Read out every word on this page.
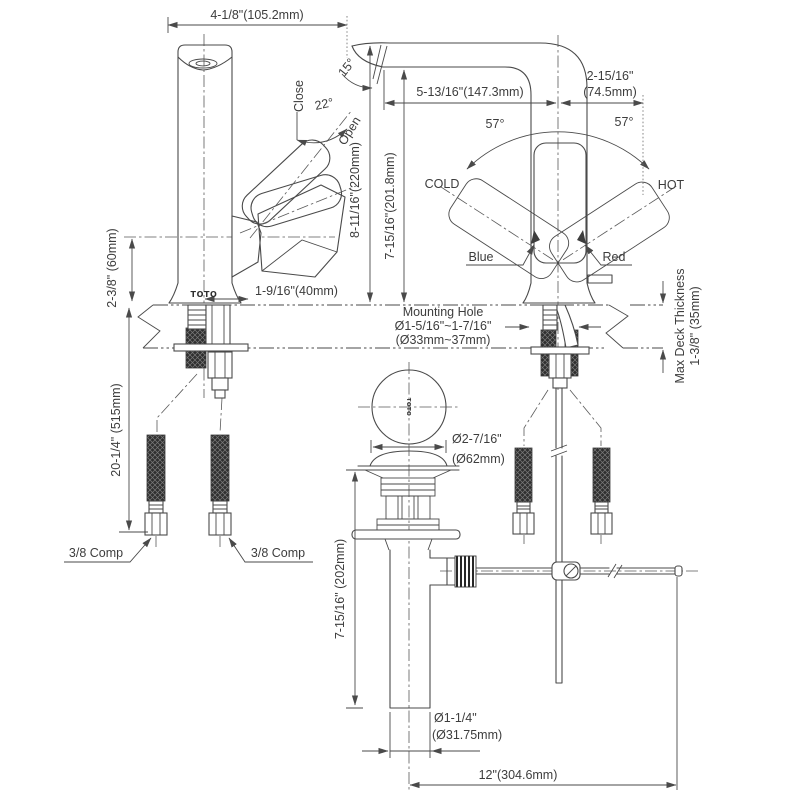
4-1/8"(105.2mm)
Close 22°
Open
15°
5-13/16"(147.3mm)
2-15/16"
(74.5mm)
57°	57°
COLD	HOT
Blue	Red
8-11/16"(220mm) 7-15/16"(201.8mm)
2-3/8" (60mm)	1-9/16"(40mm)
TOTO
Mounting Hole
Ø1-5/16"~1-7/16"
(Ø33mm~37mm)	Max Deck Thickness 1-3/8" (35mm)
20-1/4" (515mm)
3/8 Comp	3/8 Comp
TOTO
Ø2-7/16"
(Ø62mm)
7-15/16" (202mm)
Ø1-1/4"
(Ø31.75mm)
12"(304.6mm)
